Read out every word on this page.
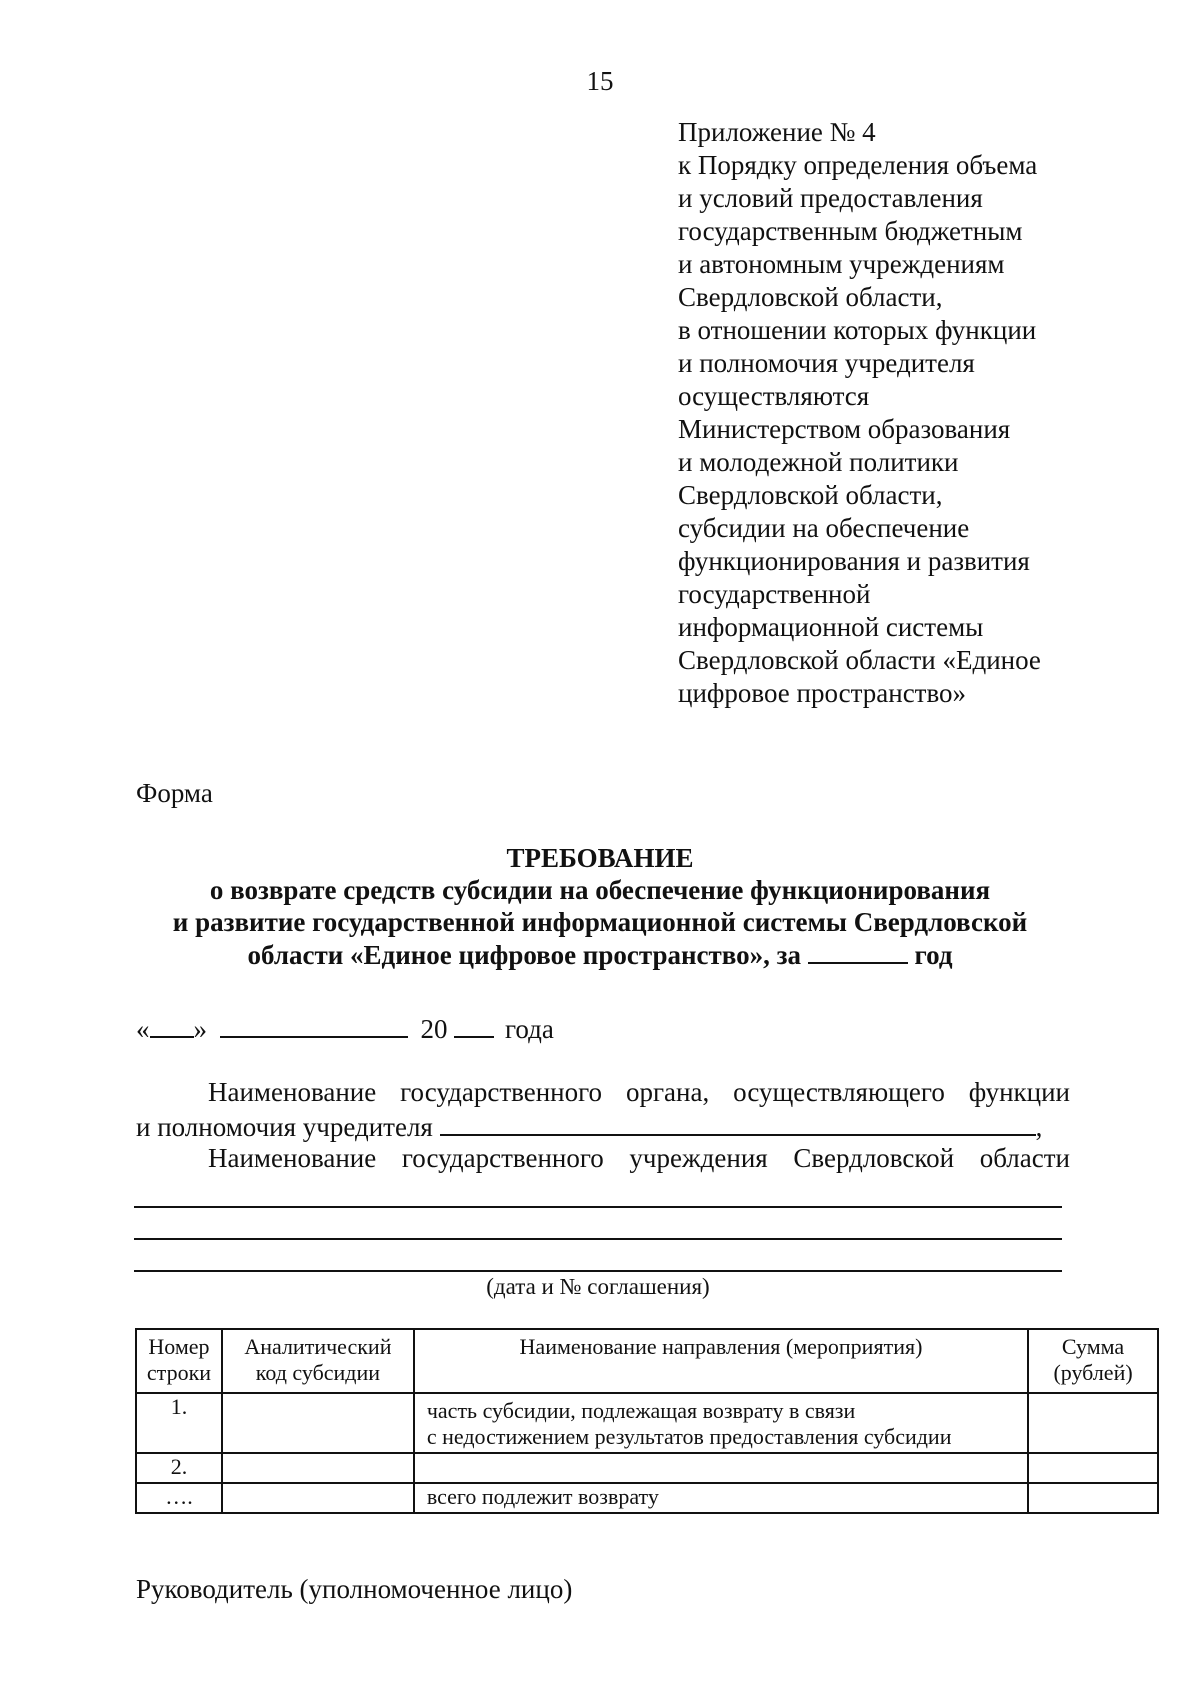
15
Приложение № 4
к Порядку определения объема
и условий предоставления
государственным бюджетным
и автономным учреждениям
Свердловской области,
в отношении которых функции
и полномочия учредителя
осуществляются
Министерством образования
и молодежной политики
Свердловской области,
субсидии на обеспечение
функционирования и развития
государственной
информационной системы
Свердловской области «Единое
цифровое пространство»
Форма
ТРЕБОВАНИЕ
о возврате средств субсидии на обеспечение функционирования
и развитие государственной информационной системы Свердловской
области «Единое цифровое пространство», за	год
« »	20 года
Наименование государственного органа, осуществляющего функции
и полномочия учредителя	,
Наименование государственного учреждения Свердловской области
(дата и № соглашения)
Номер строки	Аналитический код субсидии	Наименование направления (мероприятия)	Сумма (рублей)

1.		часть субсидии, подлежащая возврату в связи
с недостижением результатов предоставления субсидии	

2.			
….		всего подлежит возврату	
Руководитель (уполномоченное лицо)
